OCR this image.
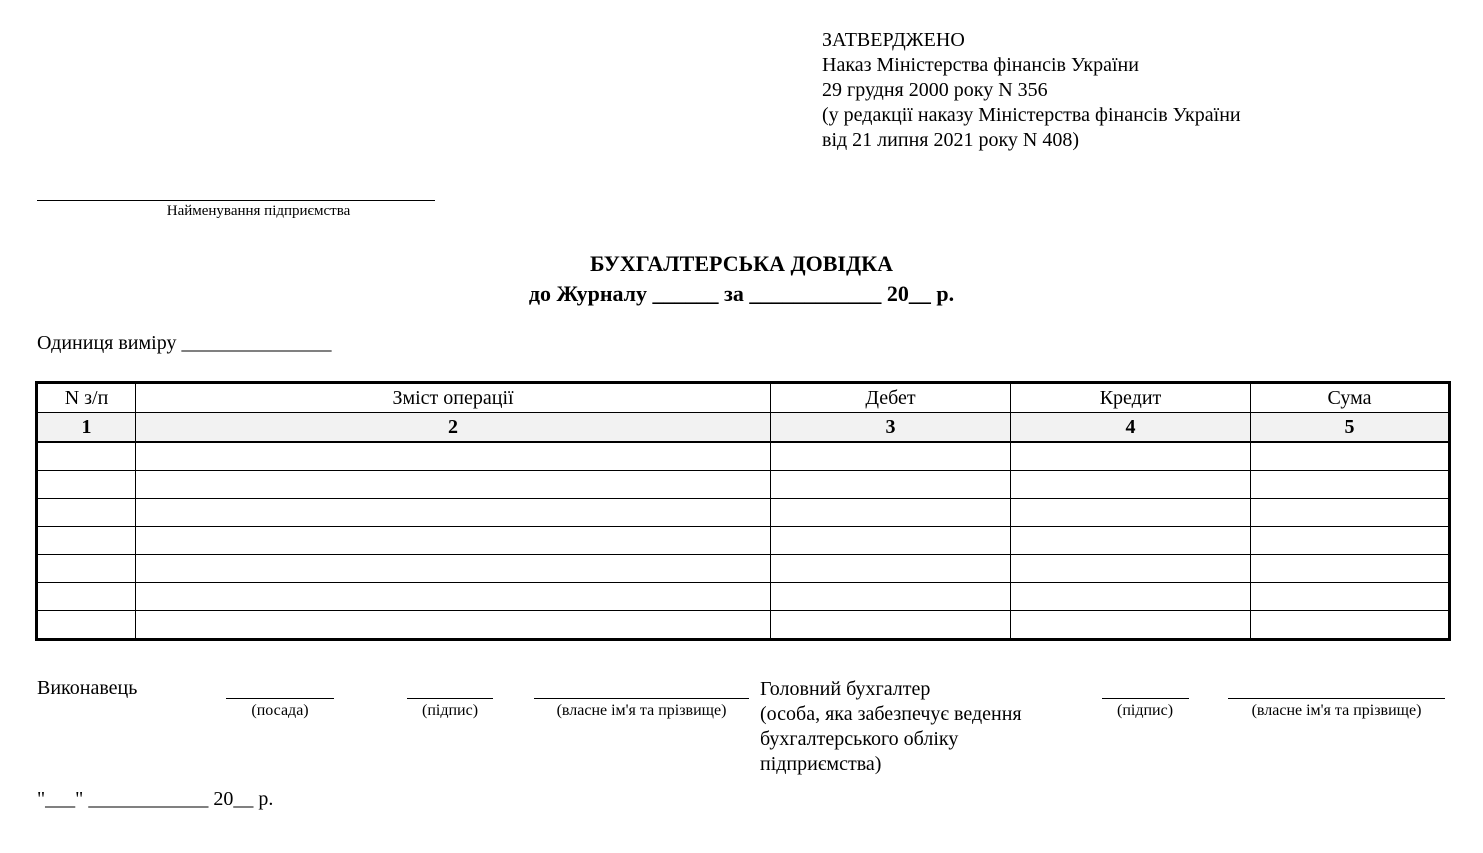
ЗАТВЕРДЖЕНО
Наказ Міністерства фінансів України
29 грудня 2000 року N 356
(у редакції наказу Міністерства фінансів України
від 21 липня 2021 року N 408)
Найменування підприємства
БУХГАЛТЕРСЬКА ДОВІДКА
до Журналу ______ за ____________ 20__ р.
Одиниця виміру _______________
N з/п	Зміст операції	Дебет	Кредит	Сума
1	2	3	4	5

Виконавець
(посада)	(підпис)	(власне ім'я та прізвище)
Головний бухгалтер
(особа, яка забезпечує ведення
бухгалтерського обліку
підприємства)
(підпис)	(власне ім'я та прізвище)
"___" ____________ 20__ р.
